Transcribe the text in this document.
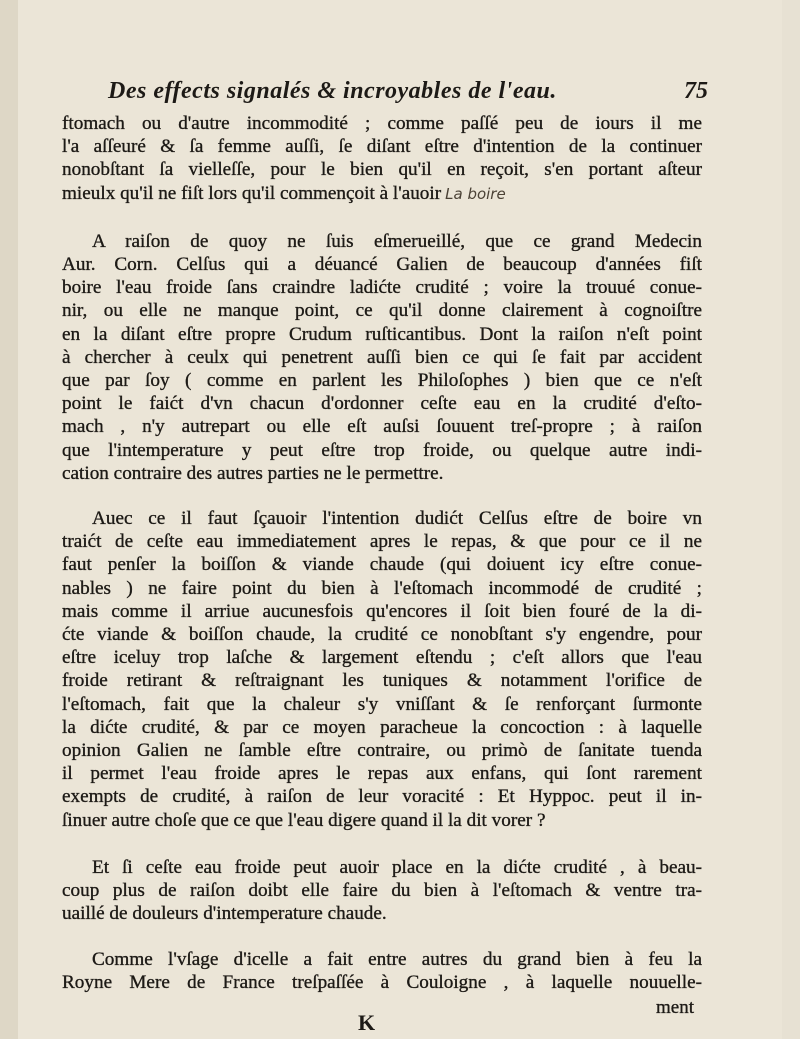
Des effects signalés & incroyables de l'eau.	75

ftomach ou d'autre incommodité ; comme paſſé peu de iours il me
l'a aſſeuré & ſa femme auſſi, ſe diſant eſtre d'intention de la continuer
nonobſtant ſa vielleſſe, pour le bien qu'il en reçoit, s'en portant aſteur
mieulx qu'il ne fiſt lors qu'il commençoit à l'auoir La boire

A raiſon de quoy ne ſuis eſmerueillé, que ce grand Medecin
Aur. Corn. Celſus qui a déuancé Galien de beaucoup d'années fiſt
boire l'eau froide ſans craindre ladićte crudité ; voire la trouué conue-
nir, ou elle ne manque point, ce qu'il donne clairement à cognoiſtre
en la diſant eſtre propre Crudum ruſticantibus. Dont la raiſon n'eſt point
à chercher à ceulx qui penetrent auſſi bien ce qui ſe fait par accident
que par ſoy ( comme en parlent les Philoſophes ) bien que ce n'eſt
point le faićt d'vn chacun d'ordonner ceſte eau en la crudité d'eſto-
mach , n'y autrepart ou elle eſt auſsi ſouuent treſ-propre ; à raiſon
que l'intemperature y peut eſtre trop froide, ou quelque autre indi-
cation contraire des autres parties ne le permettre.

Auec ce il faut ſçauoir l'intention dudićt Celſus eſtre de boire vn
traićt de ceſte eau immediatement apres le repas, & que pour ce il ne
faut penſer la boiſſon & viande chaude (qui doiuent icy eſtre conue-
nables ) ne faire point du bien à l'eſtomach incommodé de crudité ;
mais comme il arriue aucunesfois qu'encores il ſoit bien fouré de la di-
ćte viande & boiſſon chaude, la crudité ce nonobſtant s'y engendre, pour
eſtre iceluy trop laſche & largement eſtendu ; c'eſt allors que l'eau
froide retirant & reſtraignant les tuniques & notamment l'orifice de
l'eſtomach, fait que la chaleur s'y vniſſant & ſe renforçant ſurmonte
la dićte crudité, & par ce moyen paracheue la concoction : à laquelle
opinion Galien ne ſamble eſtre contraire, ou primò de ſanitate tuenda
il permet l'eau froide apres le repas aux enfans, qui ſont rarement
exempts de crudité, à raiſon de leur voracité : Et Hyppoc. peut il in-
ſinuer autre choſe que ce que l'eau digere quand il la dit vorer ?

Et ſi ceſte eau froide peut auoir place en la dićte crudité , à beau-
coup plus de raiſon doibt elle faire du bien à l'eſtomach & ventre tra-
uaillé de douleurs d'intemperature chaude.

Comme l'vſage d'icelle a fait entre autres du grand bien à feu la
Royne Mere de France treſpaſſée à Couloigne , à laquelle nouuelle-

ment
K
